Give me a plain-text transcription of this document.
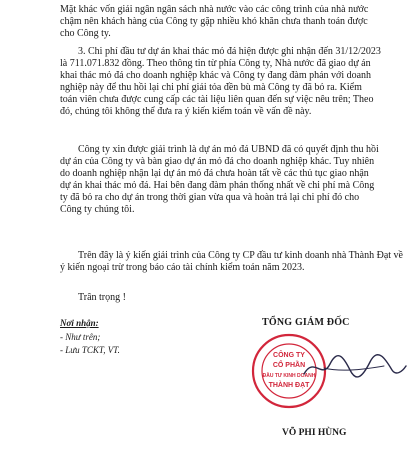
Mặt khác vốn giải ngân ngân sách nhà nước vào các công trình của nhà nước
chậm nên khách hàng của Công ty gặp nhiều khó khăn chưa thanh toán được
cho Công ty.
3. Chi phí đầu tư dự án khai thác mỏ đá hiện được ghi nhận đến 31/12/2023
là 711.071.832 đồng. Theo thông tin từ phía Công ty, Nhà nước đã giao dự án
khai thác mỏ đá cho doanh nghiệp khác và Công ty đang đàm phán với doanh
nghiệp này để thu hồi lại chi phí giải tỏa đền bù mà Công ty đã bỏ ra. Kiểm
toán viên chưa được cung cấp các tài liệu liên quan đến sự việc nêu trên; Theo
đó, chúng tôi không thể đưa ra ý kiến kiểm toán về vấn đề này.
Công ty xin được giải trình là dự án mỏ đá UBND đã có quyết định thu hồi
dự án của Công ty và bàn giao dự án mỏ đá cho doanh nghiệp khác. Tuy nhiên
do doanh nghiệp nhận lại dự án mỏ đá chưa hoàn tất về các thủ tục giao nhận
dự án khai thác mỏ đá. Hai bên đang đàm phán thống nhất về chi phí mà Công
ty đã bỏ ra cho dự án trong thời gian vừa qua và hoàn trả lại chi phí đó cho
Công ty chúng tôi.
Trên đây là ý kiến giải trình của Công ty CP đầu tư kinh doanh nhà Thành Đạt về
ý kiến ngoại trừ trong báo cáo tài chính kiểm toán năm 2023.
Trân trọng !
Nơi nhận:
- Như trên;
- Lưu TCKT, VT.
TỔNG GIÁM ĐỐC
CÔNG TY
CỔ PHẦN
ĐẦU TƯ KINH DOANH
THÀNH ĐẠT
VÕ PHI HÙNG
